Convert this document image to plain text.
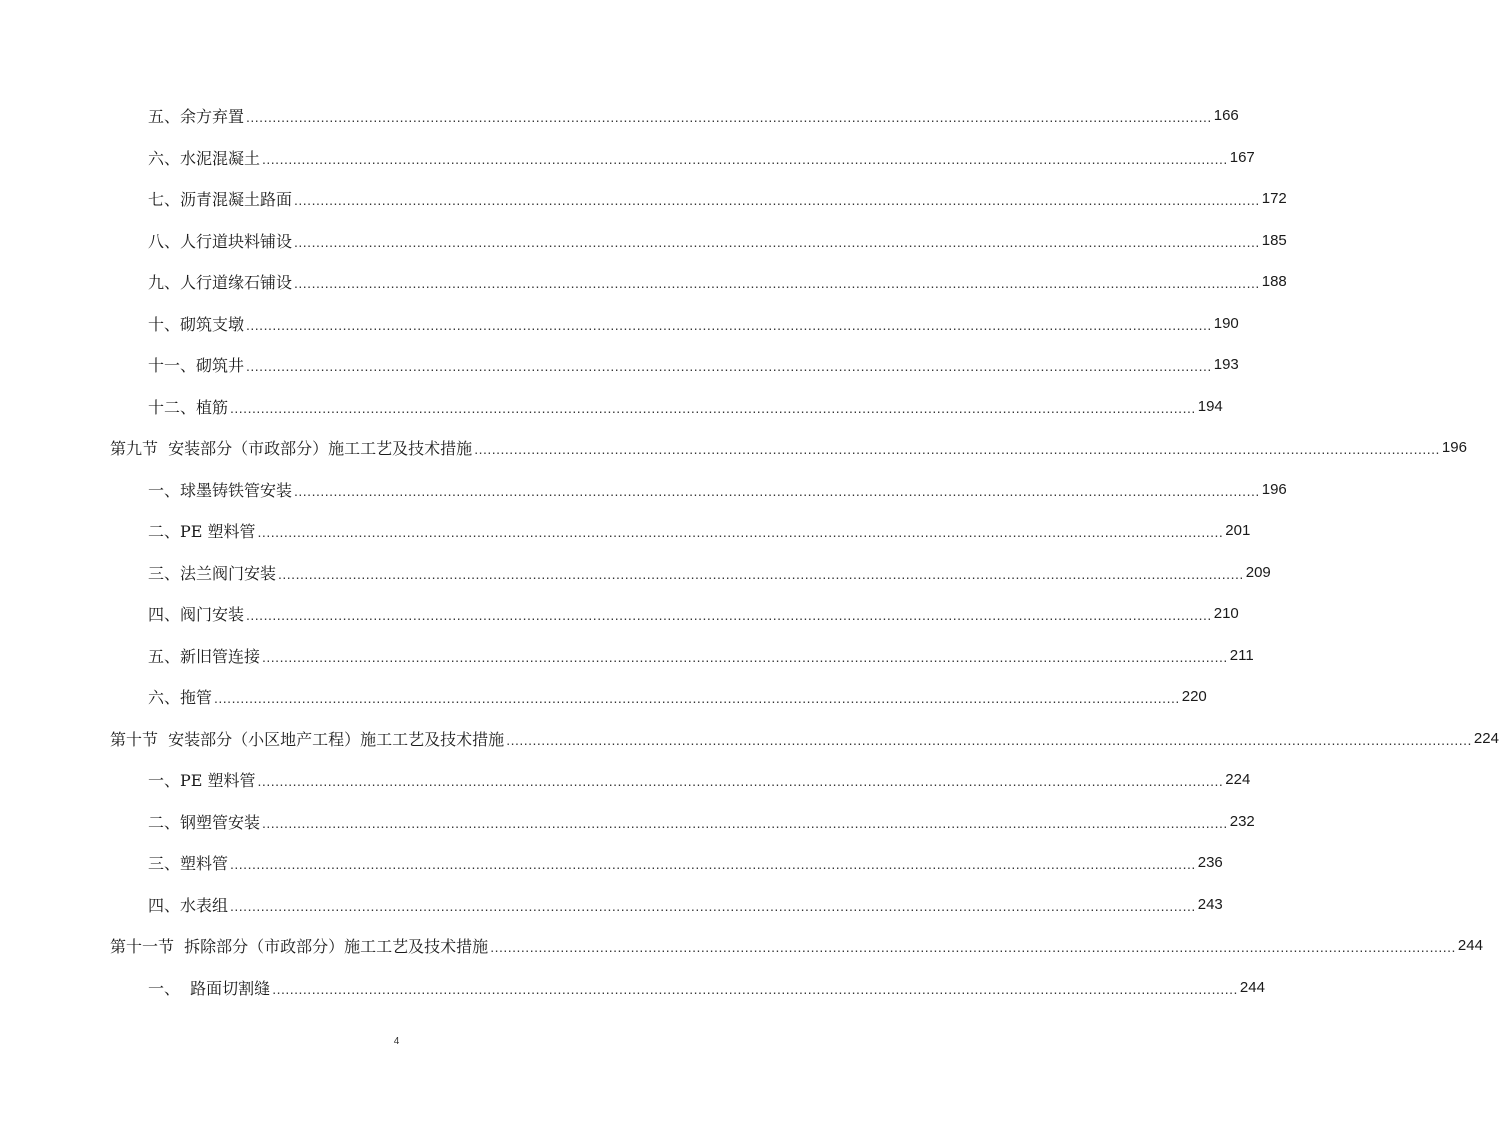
五、余方弃置 ............................................................................................................................................................................................................................ 166
六、水泥混凝土 ............................................................................................................................................................................................................................ 167
七、沥青混凝土路面 ............................................................................................................................................................................................................................ 172
八、人行道块料铺设 ............................................................................................................................................................................................................................ 185
九、人行道缘石铺设 ............................................................................................................................................................................................................................ 188
十、砌筑支墩 ............................................................................................................................................................................................................................ 190
十一、砌筑井 ............................................................................................................................................................................................................................ 193
十二、植筋 ............................................................................................................................................................................................................................ 194
第九节  安装部分（市政部分）施工工艺及技术措施 ............................................................................................................................................................................................................................ 196
一、球墨铸铁管安装 ............................................................................................................................................................................................................................ 196
二、PE 塑料管 ............................................................................................................................................................................................................................ 201
三、法兰阀门安装 ............................................................................................................................................................................................................................ 209
四、阀门安装 ............................................................................................................................................................................................................................ 210
五、新旧管连接 ............................................................................................................................................................................................................................ 211
六、拖管 ............................................................................................................................................................................................................................ 220
第十节  安装部分（小区地产工程）施工工艺及技术措施 ............................................................................................................................................................................................................................ 224
一、PE 塑料管 ............................................................................................................................................................................................................................ 224
二、钢塑管安装 ............................................................................................................................................................................................................................ 232
三、塑料管 ............................................................................................................................................................................................................................ 236
四、水表组 ............................................................................................................................................................................................................................ 243
第十一节  拆除部分（市政部分）施工工艺及技术措施 ............................................................................................................................................................................................................................ 244
一、  路面切割缝 ............................................................................................................................................................................................................................ 244
4
